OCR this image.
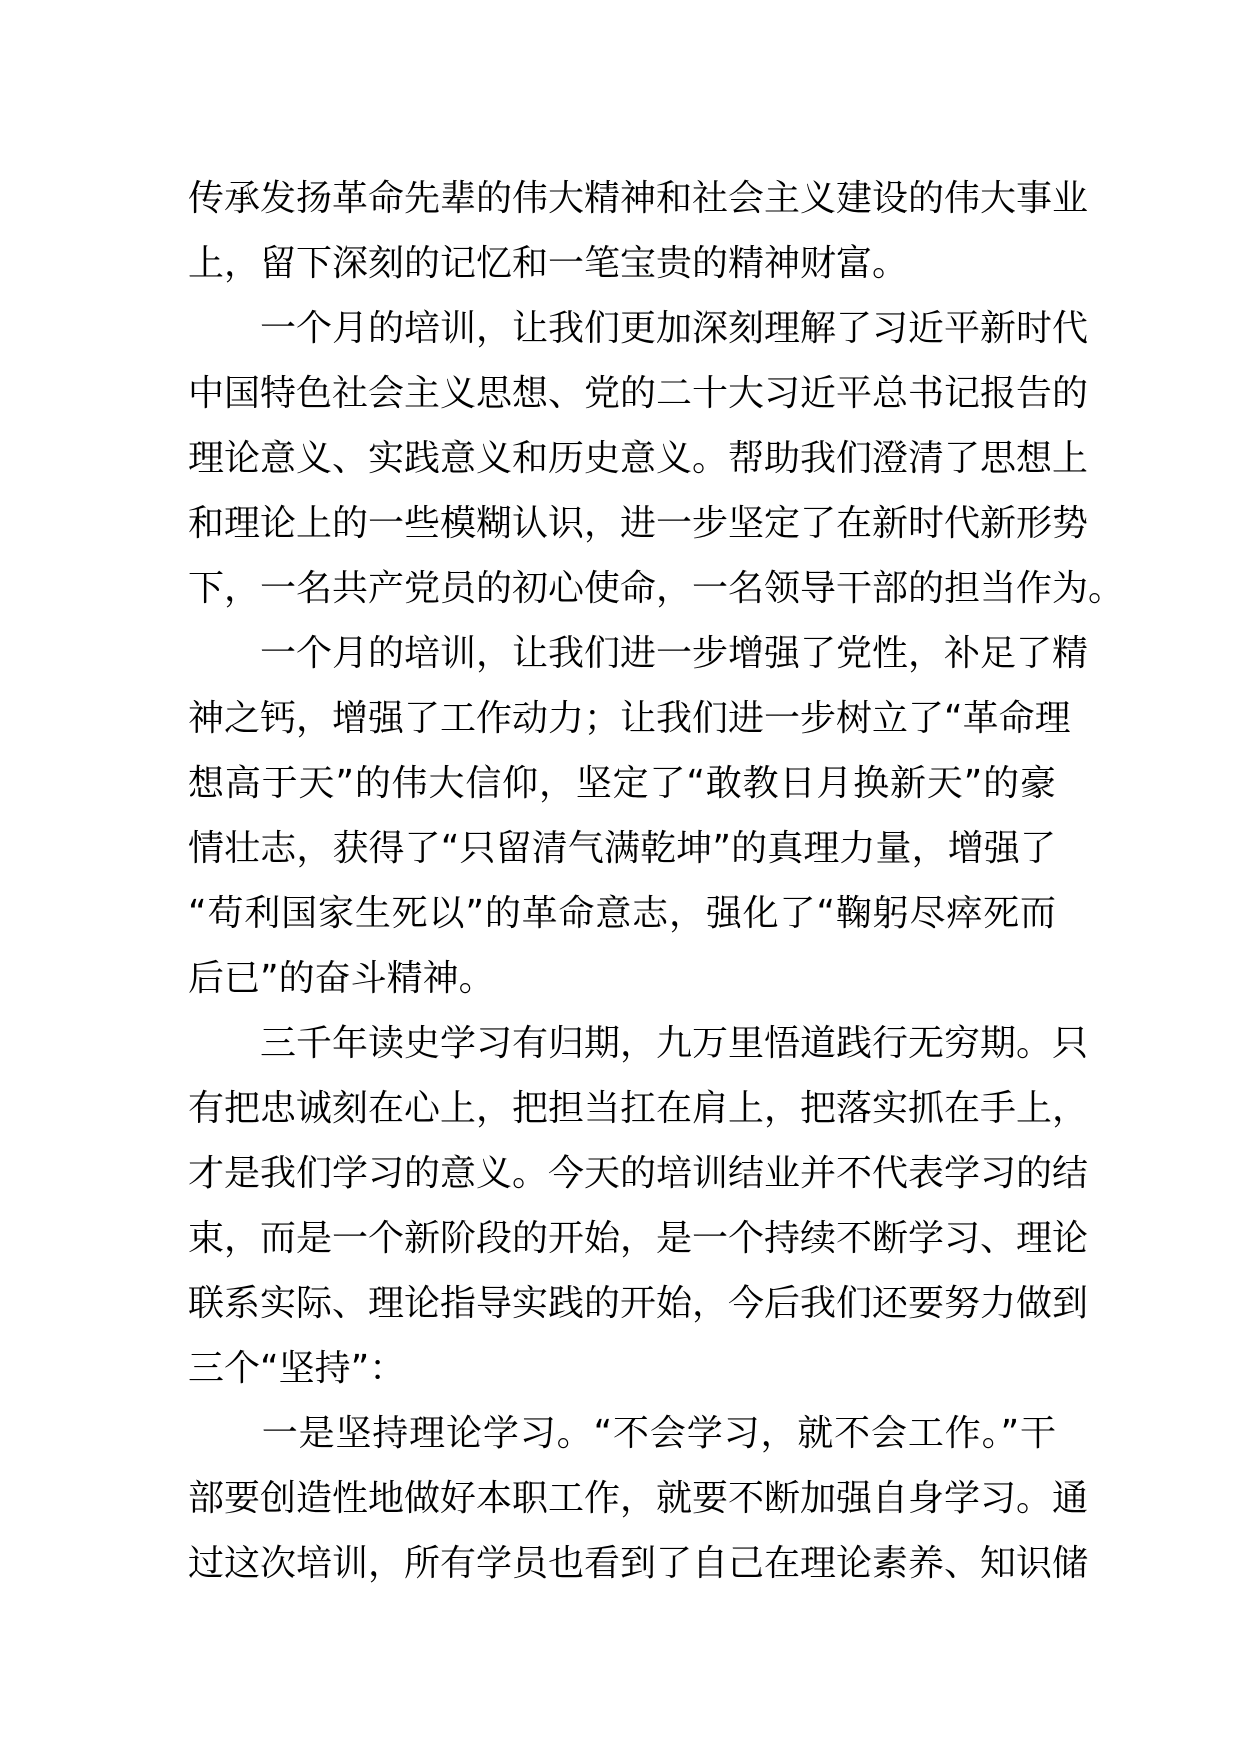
传承发扬革命先辈的伟大精神和社会主义建设的伟大事业
上，留下深刻的记忆和一笔宝贵的精神财富。

　　一个月的培训，让我们更加深刻理解了习近平新时代
中国特色社会主义思想、党的二十大习近平总书记报告的
理论意义、实践意义和历史意义。帮助我们澄清了思想上
和理论上的一些模糊认识，进一步坚定了在新时代新形势
下，一名共产党员的初心使命，一名领导干部的担当作为。

　　一个月的培训，让我们进一步增强了党性，补足了精
神之钙，增强了工作动力；让我们进一步树立了“革命理
想高于天”的伟大信仰，坚定了“敢教日月换新天”的豪
情壮志，获得了“只留清气满乾坤”的真理力量，增强了
“苟利国家生死以”的革命意志，强化了“鞠躬尽瘁死而
后已”的奋斗精神。

　　三千年读史学习有归期，九万里悟道践行无穷期。只
有把忠诚刻在心上，把担当扛在肩上，把落实抓在手上，
才是我们学习的意义。今天的培训结业并不代表学习的结
束，而是一个新阶段的开始，是一个持续不断学习、理论
联系实际、理论指导实践的开始，今后我们还要努力做到
三个“坚持”：

　　一是坚持理论学习。“不会学习，就不会工作。”干
部要创造性地做好本职工作，就要不断加强自身学习。通
过这次培训，所有学员也看到了自己在理论素养、知识储
